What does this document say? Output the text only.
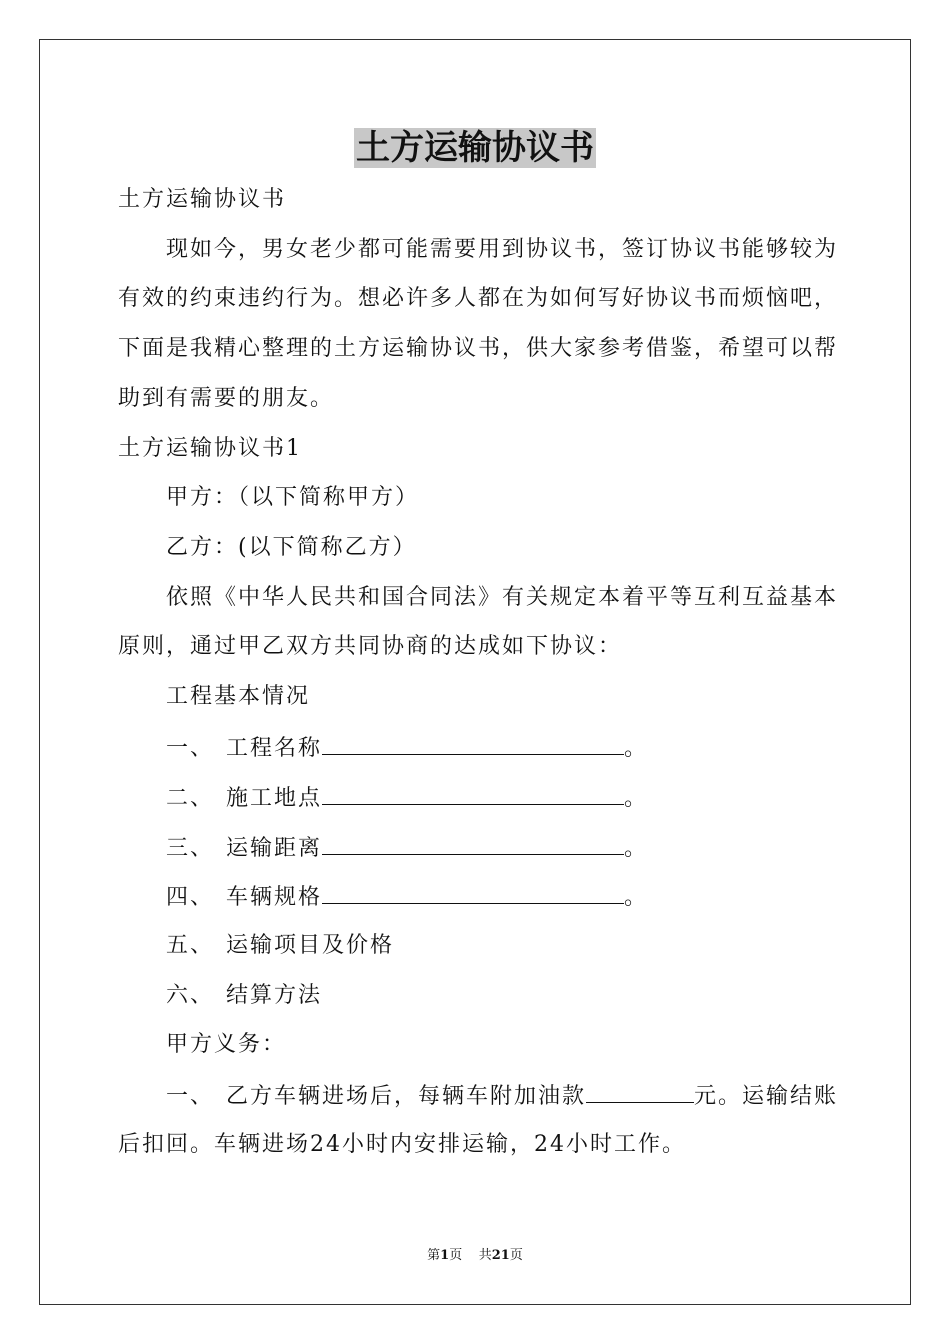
土方运输协议书
土方运输协议书
现如今，男女老少都可能需要用到协议书，签订协议书能够较为
有效的约束违约行为。想必许多人都在为如何写好协议书而烦恼吧，
下面是我精心整理的土方运输协议书，供大家参考借鉴，希望可以帮
助到有需要的朋友。
土方运输协议书1
甲方：（以下简称甲方）
乙方：(以下简称乙方）
依照《中华人民共和国合同法》有关规定本着平等互利互益基本
原则，通过甲乙双方共同协商的达成如下协议：
工程基本情况
一、 工程名称	。
二、 施工地点	。
三、 运输距离	。
四、 车辆规格	。
五、 运输项目及价格
六、 结算方法
甲方义务：
一、 乙方车辆进场后，每辆车附加油款	元。运输结账
后扣回。车辆进场24小时内安排运输，24小时工作。
第1页 共21页
